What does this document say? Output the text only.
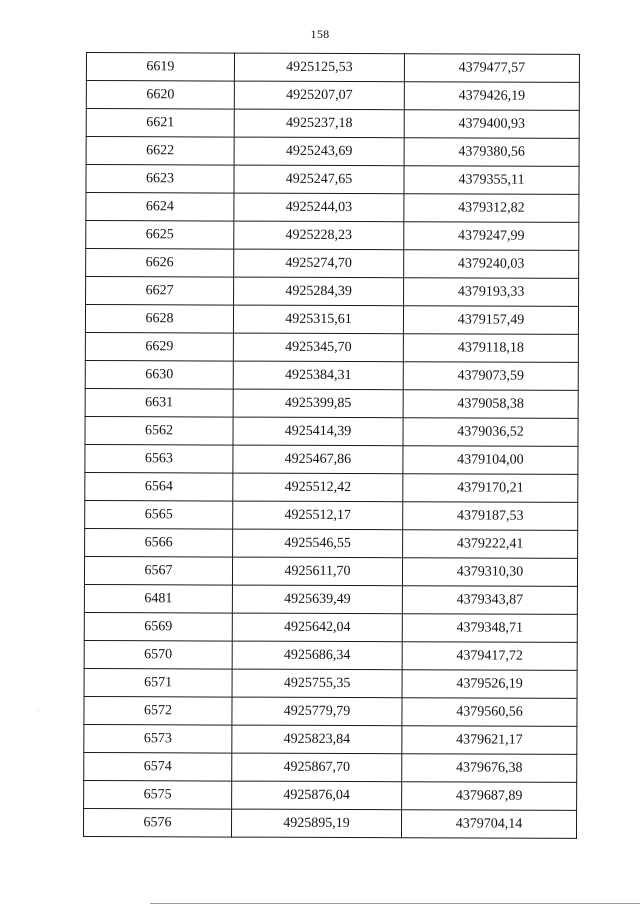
158
6619	4925125,53	4379477,57
6620	4925207,07	4379426,19
6621	4925237,18	4379400,93
6622	4925243,69	4379380,56
6623	4925247,65	4379355,11
6624	4925244,03	4379312,82
6625	4925228,23	4379247,99
6626	4925274,70	4379240,03
6627	4925284,39	4379193,33
6628	4925315,61	4379157,49
6629	4925345,70	4379118,18
6630	4925384,31	4379073,59
6631	4925399,85	4379058,38
6562	4925414,39	4379036,52
6563	4925467,86	4379104,00
6564	4925512,42	4379170,21
6565	4925512,17	4379187,53
6566	4925546,55	4379222,41
6567	4925611,70	4379310,30
6481	4925639,49	4379343,87
6569	4925642,04	4379348,71
6570	4925686,34	4379417,72
6571	4925755,35	4379526,19
6572	4925779,79	4379560,56
6573	4925823,84	4379621,17
6574	4925867,70	4379676,38
6575	4925876,04	4379687,89
6576	4925895,19	4379704,14
